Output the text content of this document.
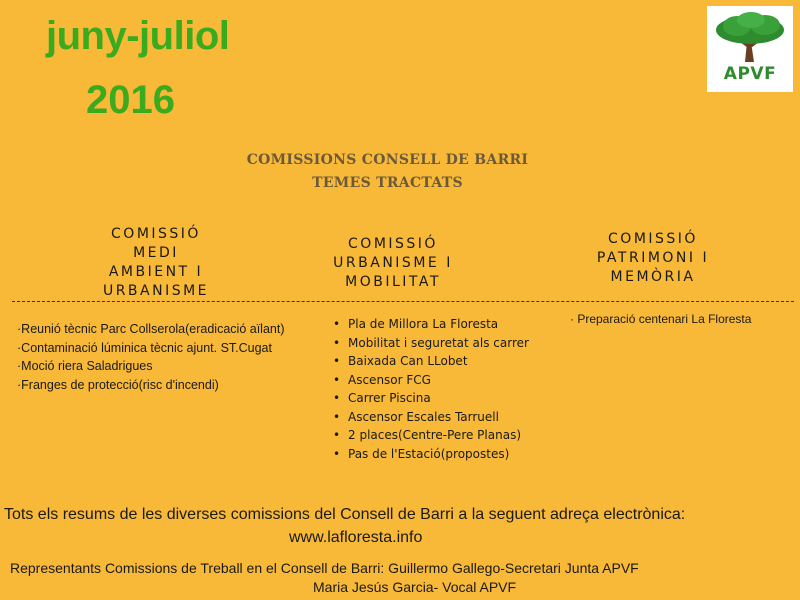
juny-juliol
2016
APVF
COMISSIONS CONSELL DE BARRI
TEMES TRACTATS
COMISSIÓ
MEDI
AMBIENT I
URBANISME
COMISSIÓ
URBANISME I
MOBILITAT
COMISSIÓ
PATRIMONI I
MEMÒRIA
·Reunió tècnic Parc Collserola(eradicació aïlant)
·Contaminació lúminica tècnic ajunt. ST.Cugat
·Moció riera Saladrigues
·Franges de protecció(risc d'incendi)
• Pla de Millora La Floresta
• Mobilitat i seguretat als carrer
• Baixada Can LLobet
• Ascensor FCG
• Carrer Piscina
• Ascensor Escales Tarruell
• 2 places(Centre-Pere Planas)
• Pas de l'Estació(propostes)
· Preparació centenari La Floresta
Tots els resums de les diverses comissions del Consell de Barri a la seguent adreça electrònica:
www.lafloresta.info
Representants Comissions de Treball en el Consell de Barri: Guillermo Gallego-Secretari Junta APVF
Maria Jesús Garcia- Vocal APVF
